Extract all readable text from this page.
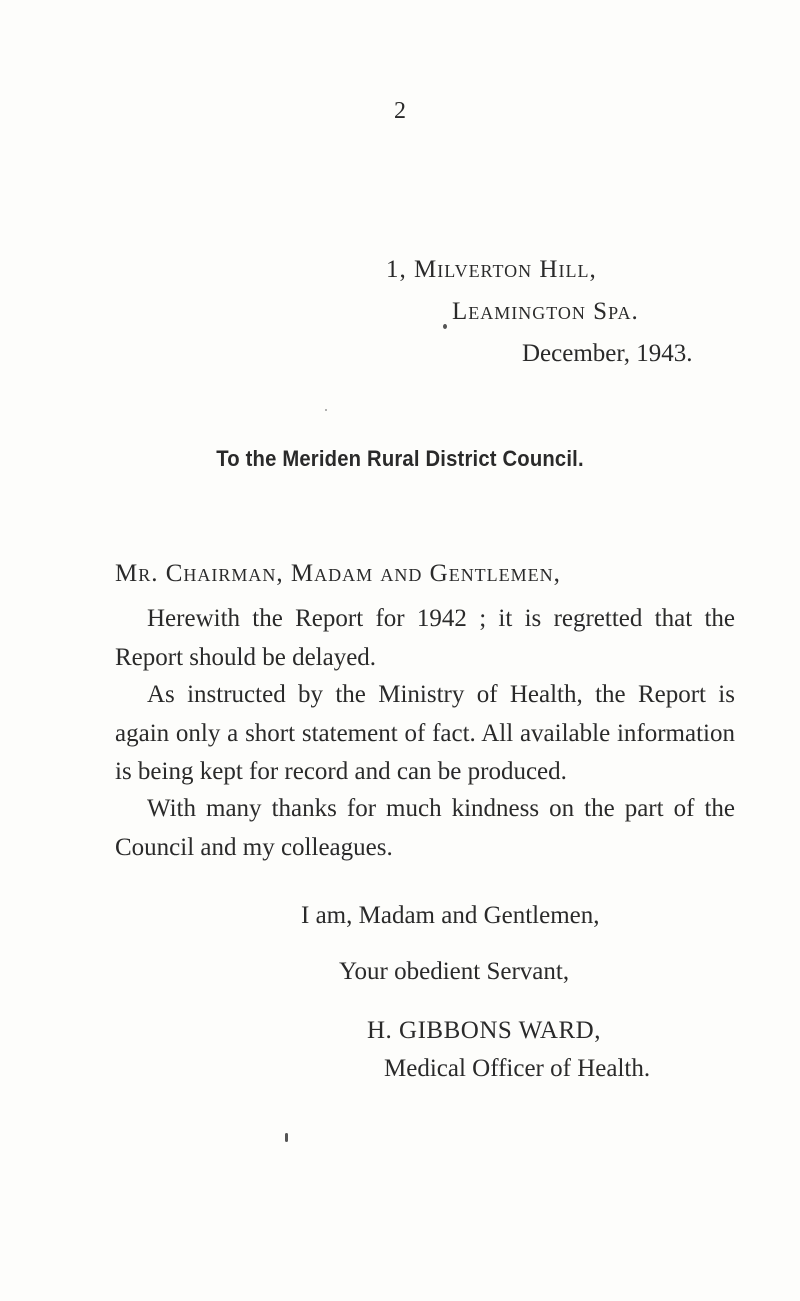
2
1, Milverton Hill,
Leamington Spa.
December, 1943.
To the Meriden Rural District Council.
Mr. Chairman, Madam and Gentlemen,

Herewith the Report for 1942 ; it is regretted that the Report should be delayed.

As instructed by the Ministry of Health, the Report is again only a short statement of fact. All available information is being kept for record and can be produced.

With many thanks for much kindness on the part of the Council and my colleagues.

I am, Madam and Gentlemen,
Your obedient Servant,
H. GIBBONS WARD,
Medical Officer of Health.
